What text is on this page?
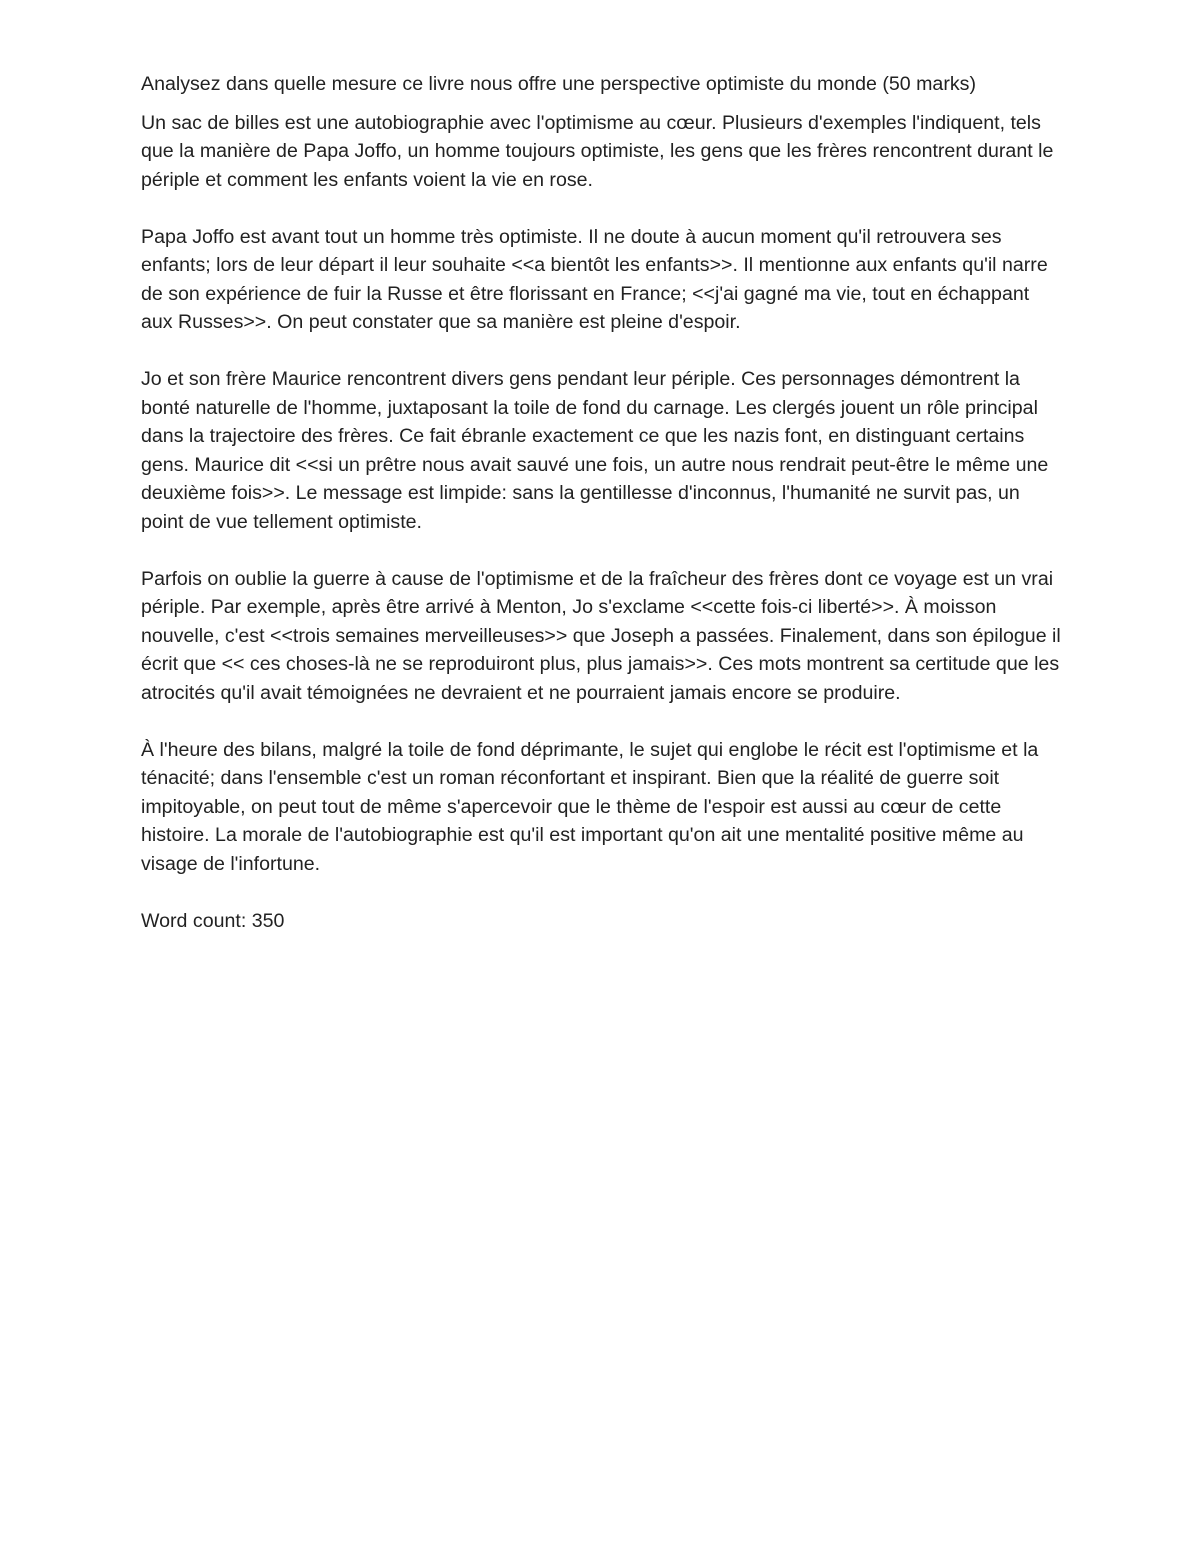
Analysez dans quelle mesure ce livre nous offre une perspective optimiste du monde (50 marks)

Un sac de billes est une autobiographie avec l'optimisme au cœur. Plusieurs d'exemples l'indiquent, tels que la manière de Papa Joffo, un homme toujours optimiste, les gens que les frères rencontrent durant le périple et comment les enfants voient la vie en rose.

Papa Joffo est avant tout un homme très optimiste. Il ne doute à aucun moment qu'il retrouvera ses enfants; lors de leur départ il leur souhaite <<a bientôt les enfants>>. Il mentionne aux enfants qu'il narre de son expérience de fuir la Russe et être florissant en France; <<j'ai gagné ma vie, tout en échappant aux Russes>>. On peut constater que sa manière est pleine d'espoir.

Jo et son frère Maurice rencontrent divers gens pendant leur périple. Ces personnages démontrent la bonté naturelle de l'homme, juxtaposant la toile de fond du carnage. Les clergés jouent un rôle principal dans la trajectoire des frères. Ce fait ébranle exactement ce que les nazis font, en distinguant certains gens. Maurice dit <<si un prêtre nous avait sauvé une fois, un autre nous rendrait peut-être le même une deuxième fois>>. Le message est limpide: sans la gentillesse d'inconnus, l'humanité ne survit pas, un point de vue tellement optimiste.

Parfois on oublie la guerre à cause de l'optimisme et de la fraîcheur des frères dont ce voyage est un vrai périple. Par exemple, après être arrivé à Menton, Jo s'exclame <<cette fois-ci liberté>>. À moisson nouvelle, c'est <<trois semaines merveilleuses>> que Joseph a passées. Finalement, dans son épilogue il écrit que << ces choses-là ne se reproduiront plus, plus jamais>>. Ces mots montrent sa certitude que les atrocités qu'il avait témoignées ne devraient et ne pourraient jamais encore se produire.

À l'heure des bilans, malgré la toile de fond déprimante, le sujet qui englobe le récit est l'optimisme et la ténacité; dans l'ensemble c'est un roman réconfortant et inspirant. Bien que la réalité de guerre soit impitoyable, on peut tout de même s'apercevoir que le thème de l'espoir est aussi au cœur de cette histoire. La morale de l'autobiographie est qu'il est important qu'on ait une mentalité positive même au visage de l'infortune.

Word count: 350
